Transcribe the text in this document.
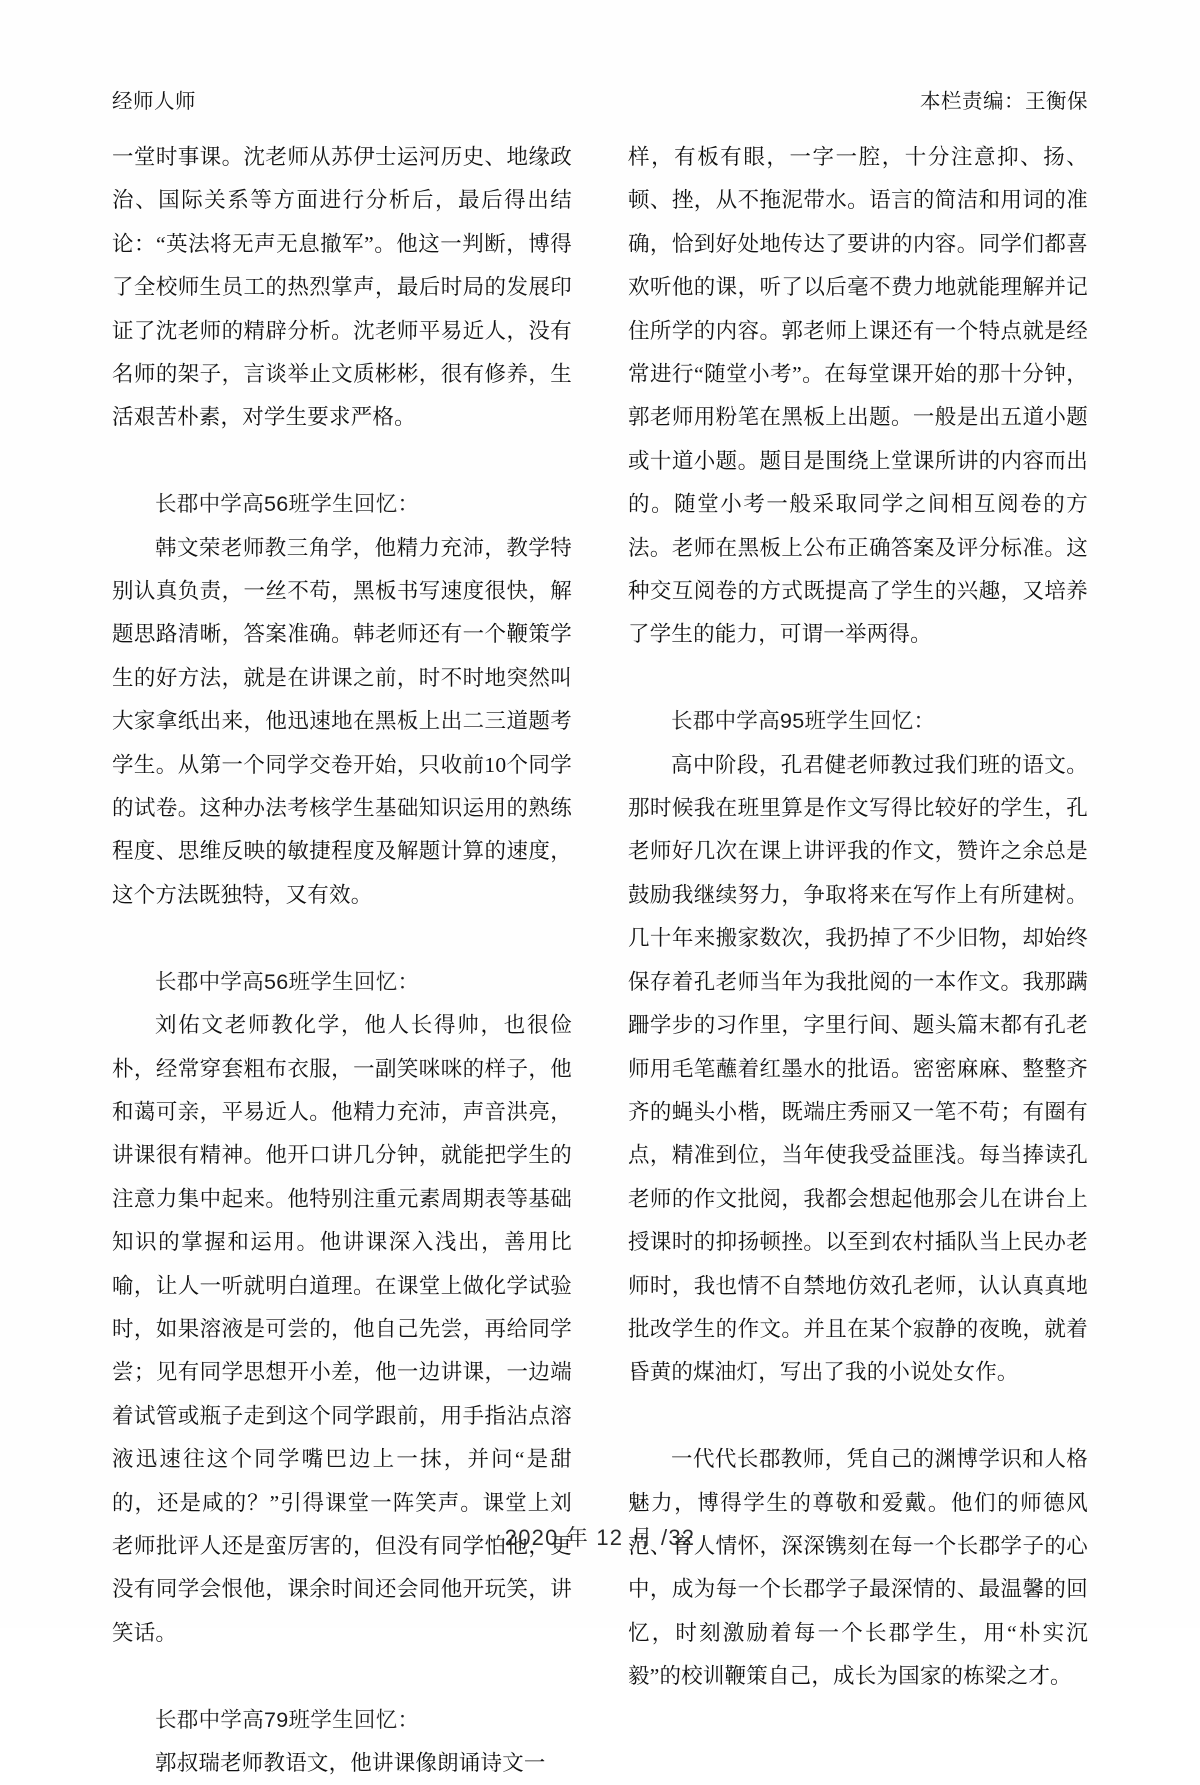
经师人师	本栏责编：王衡保

一堂时事课。沈老师从苏伊士运河历史、地缘政治、国际关系等方面进行分析后，最后得出结论：“英法将无声无息撤军”。他这一判断，博得了全校师生员工的热烈掌声，最后时局的发展印证了沈老师的精辟分析。沈老师平易近人，没有名师的架子，言谈举止文质彬彬，很有修养，生活艰苦朴素，对学生要求严格。

长郡中学高56班学生回忆：

韩文荣老师教三角学，他精力充沛，教学特别认真负责，一丝不苟，黑板书写速度很快，解题思路清晰，答案准确。韩老师还有一个鞭策学生的好方法，就是在讲课之前，时不时地突然叫大家拿纸出来，他迅速地在黑板上出二三道题考学生。从第一个同学交卷开始，只收前10个同学的试卷。这种办法考核学生基础知识运用的熟练程度、思维反映的敏捷程度及解题计算的速度，这个方法既独特，又有效。

长郡中学高56班学生回忆：

刘佑文老师教化学，他人长得帅，也很俭朴，经常穿套粗布衣服，一副笑咪咪的样子，他和蔼可亲，平易近人。他精力充沛，声音洪亮，讲课很有精神。他开口讲几分钟，就能把学生的注意力集中起来。他特别注重元素周期表等基础知识的掌握和运用。他讲课深入浅出，善用比喻，让人一听就明白道理。在课堂上做化学试验时，如果溶液是可尝的，他自己先尝，再给同学尝；见有同学思想开小差，他一边讲课，一边端着试管或瓶子走到这个同学跟前，用手指沾点溶液迅速往这个同学嘴巴边上一抹，并问“是甜的，还是咸的？”引得课堂一阵笑声。课堂上刘老师批评人还是蛮厉害的，但没有同学怕他，更没有同学会恨他，课余时间还会同他开玩笑，讲笑话。

长郡中学高79班学生回忆：

郭叔瑞老师教语文，他讲课像朗诵诗文一

样，有板有眼，一字一腔，十分注意抑、扬、顿、挫，从不拖泥带水。语言的简洁和用词的准确，恰到好处地传达了要讲的内容。同学们都喜欢听他的课，听了以后毫不费力地就能理解并记住所学的内容。郭老师上课还有一个特点就是经常进行“随堂小考”。在每堂课开始的那十分钟，郭老师用粉笔在黑板上出题。一般是出五道小题或十道小题。题目是围绕上堂课所讲的内容而出的。随堂小考一般采取同学之间相互阅卷的方法。老师在黑板上公布正确答案及评分标准。这种交互阅卷的方式既提高了学生的兴趣，又培养了学生的能力，可谓一举两得。

长郡中学高95班学生回忆：

高中阶段，孔君健老师教过我们班的语文。那时候我在班里算是作文写得比较好的学生，孔老师好几次在课上讲评我的作文，赞许之余总是鼓励我继续努力，争取将来在写作上有所建树。几十年来搬家数次，我扔掉了不少旧物，却始终保存着孔老师当年为我批阅的一本作文。我那蹒跚学步的习作里，字里行间、题头篇末都有孔老师用毛笔蘸着红墨水的批语。密密麻麻、整整齐齐的蝇头小楷，既端庄秀丽又一笔不苟；有圈有点，精准到位，当年使我受益匪浅。每当捧读孔老师的作文批阅，我都会想起他那会儿在讲台上授课时的抑扬顿挫。以至到农村插队当上民办老师时，我也情不自禁地仿效孔老师，认认真真地批改学生的作文。并且在某个寂静的夜晚，就着昏黄的煤油灯，写出了我的小说处女作。

一代代长郡教师，凭自己的渊博学识和人格魅力，博得学生的尊敬和爱戴。他们的师德风范、育人情怀，深深镌刻在每一个长郡学子的心中，成为每一个长郡学子最深情的、最温馨的回忆，时刻激励着每一个长郡学生，用“朴实沉毅”的校训鞭策自己，成长为国家的栋梁之才。

2020 年 12 月 /32
